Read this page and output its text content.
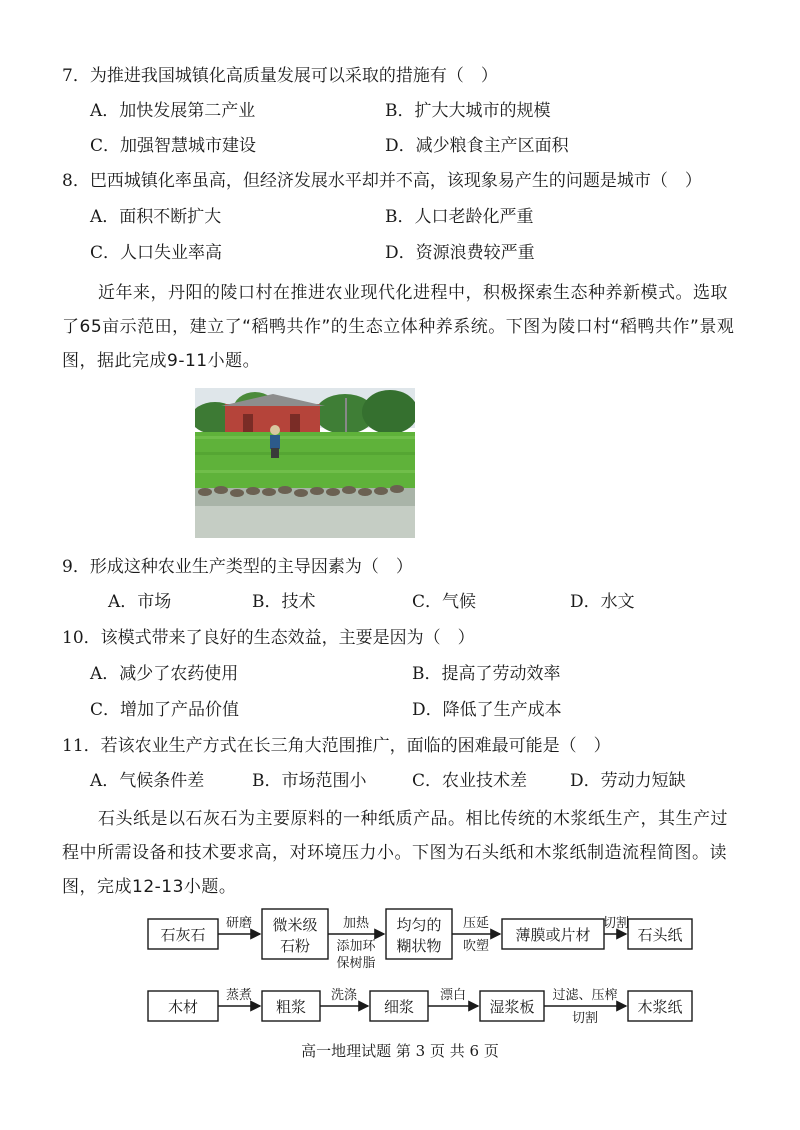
7．为推进我国城镇化高质量发展可以采取的措施有（　）
A．加快发展第二产业	B．扩大大城市的规模
C．加强智慧城市建设	D．减少粮食主产区面积
8．巴西城镇化率虽高，但经济发展水平却并不高，该现象易产生的问题是城市（　）
A．面积不断扩大	B．人口老龄化严重
C．人口失业率高	D．资源浪费较严重
近年来，丹阳的陵口村在推进农业现代化进程中，积极探索生态种养新模式。选取了65亩示范田，建立了“稻鸭共作”的生态立体种养系统。下图为陵口村“稻鸭共作”景观图，据此完成9-11小题。
9．形成这种农业生产类型的主导因素为（　）
A．市场	B．技术	C．气候	D．水文
10．该模式带来了良好的生态效益，主要是因为（　）
A．减少了农药使用	B．提高了劳动效率
C．增加了产品价值	D．降低了生产成本
11．若该农业生产方式在长三角大范围推广，面临的困难最可能是（　）
A．气候条件差	B．市场范围小	C．农业技术差	D．劳动力短缺
石头纸是以石灰石为主要原料的一种纸质产品。相比传统的木浆纸生产，其生产过程中所需设备和技术要求高，对环境压力小。下图为石头纸和木浆纸制造流程简图。读图，完成12-13小题。
石灰石
微米级
石粉
均匀的
糊状物
薄膜或片材	石头纸
木材	粗浆	细浆	湿浆板	木浆纸
研磨	加热
添加环
保树脂
压延
吹塑
切割
蒸煮	洗涤	漂白	过滤、压榨
切割
高一地理试题 第 3 页 共 6 页
